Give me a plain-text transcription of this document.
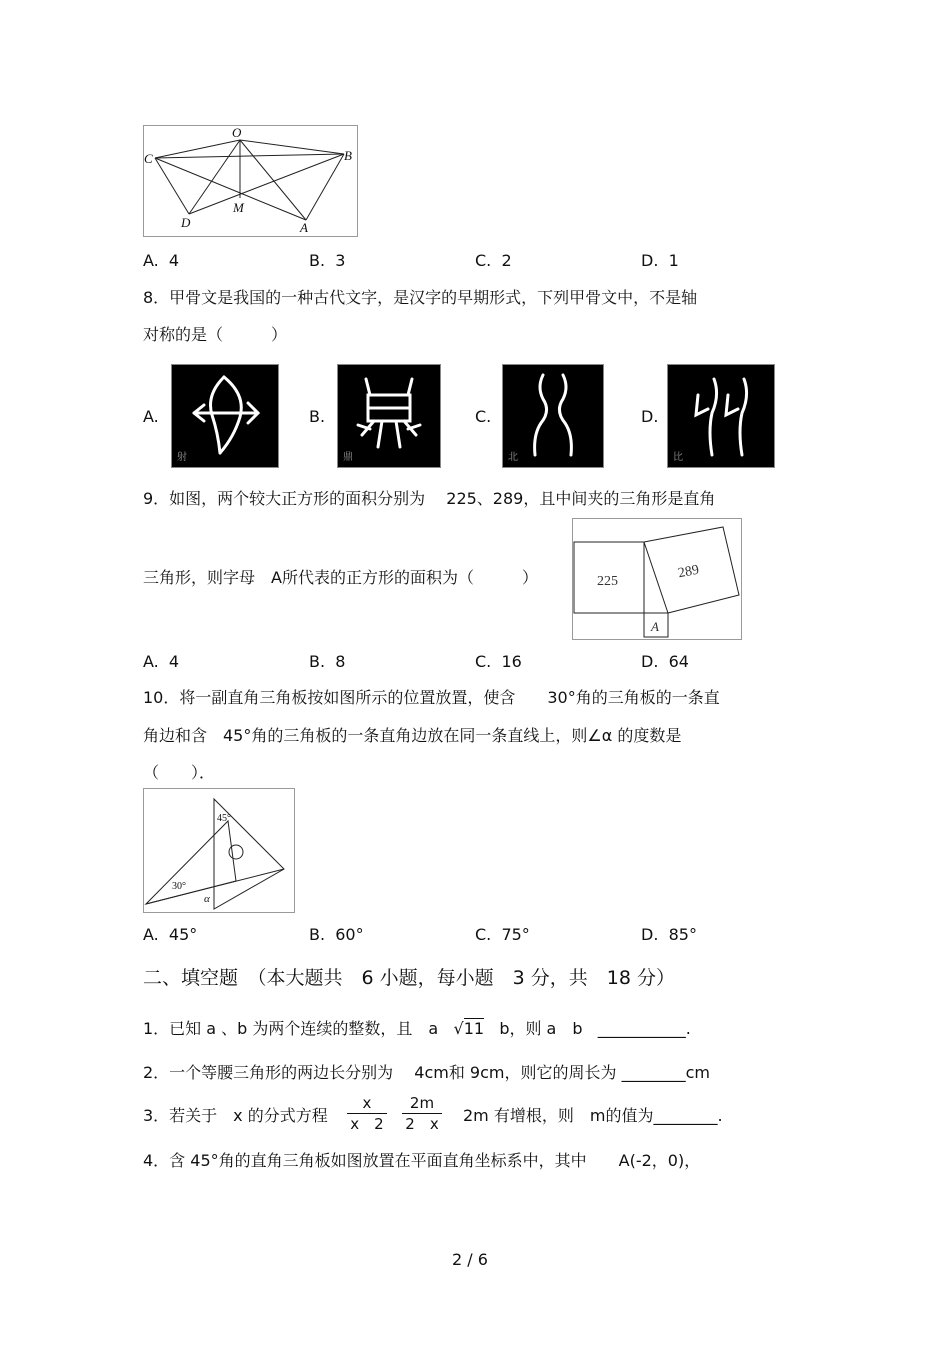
O
C	B
D
M
A
A. 4	B. 3	C. 2	D. 1
8．甲骨文是我国的一种古代文字，是汉字的早期形式，下列甲骨文中，不是轴
对称的是（　　　）
A.
射
B.
鼎
C.
北
D.
比
9．如图，两个较大正方形的面积分别为　 225、289，且中间夹的三角形是直角
三角形，则字母　A所代表的正方形的面积为（　　　）	225
289
A
A. 4	B. 8	C. 16	D. 64
10．将一副直角三角板按如图所示的位置放置，使含　　30°角的三角板的一条直
角边和含　45°角的三角板的一条直角边放在同一条直线上，则∠α 的度数是
（　　）．
45°
30°
α
A. 45°	B. 60°	C. 75°	D. 85°
二、填空题　（本大题共　6 小题，每小题　3 分，共　18 分）
1．已知 a 、b 为两个连续的整数，且　a √11 b，则 a　b ___________.
2．一个等腰三角形的两边长分别为　 4cm和 9cm，则它的周长为 ________cm
3．若关于　x 的分式方程
x
x　2
2m
2　x 2m 有增根，则　m的值为________.
4．含 45°角的直角三角板如图放置在平面直角坐标系中，其中　　A(-2，0)，
2 / 6
